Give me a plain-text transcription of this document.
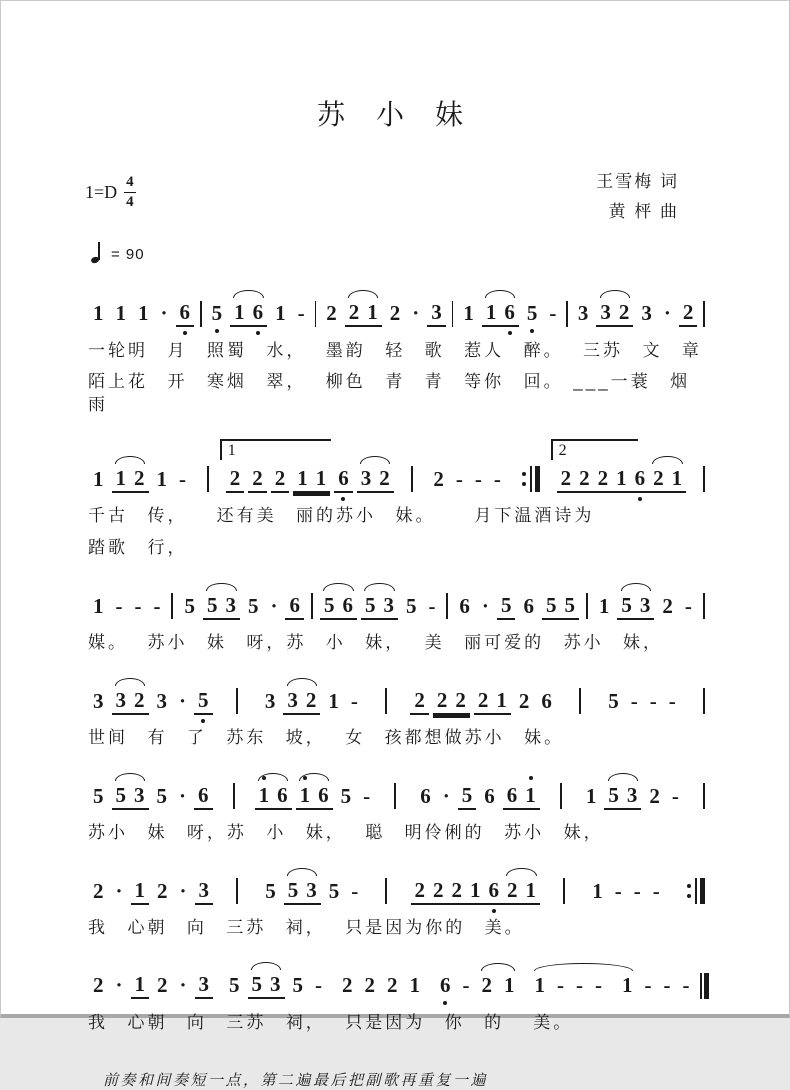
苏 小 妹
$1=D \frac{4}{4}$	王雪梅 词
黄 枰 曲
= 90
1 1 1 · 6 5 1 6 1 - 2 2 1 2 · 3 1 1 6 5 - 3 3 2 3 · 2
一轮明  月  照蜀  水，  墨韵  轻  歌  惹人  醉。  三苏  文  章
陌上花  开  寒烟  翠，  柳色  青  青  等你  回。 ___一蓑  烟  雨
1 1 2 1 -
1
2 2 2 1 1 6 3 2 2 - - -
2
2 2 2 1 6 2 1
千古  传，   还有美  丽的苏小  妹。    月下温酒诗为
踏歌  行，
1 - - - 5 5 3 5 · 6 5 6 5 3 5 - 6 · 5 6 5 5 1 5 3 2 -
媒。  苏小  妹  呀，苏  小  妹，  美  丽可爱的  苏小  妹，
3 3 2 3 · 5	3 3 2 1 -	2 2 2 2 1 2 6	5 - - -
世间  有  了  苏东  坡，  女  孩都想做苏小  妹。
5 5 3 5 · 6 1 6 1 6 5 - 6 · 5 6 6 1 1 5 3 2 -
苏小  妹  呀，苏  小  妹，  聪  明伶俐的  苏小  妹，
2 · 1 2 · 3	5 5 3 5 -	2 2 2 1 6 2 1	1 - - -
我  心朝  向  三苏  祠，  只是因为你的  美。
2 · 1 2 · 3 5 5 3 5 - 2 2 2 1 6 - 2 1 1 - - - 1 - - -
我  心朝  向  三苏  祠，  只是因为  你  的   美。
前奏和间奏短一点，第二遍最后把副歌再重复一遍
